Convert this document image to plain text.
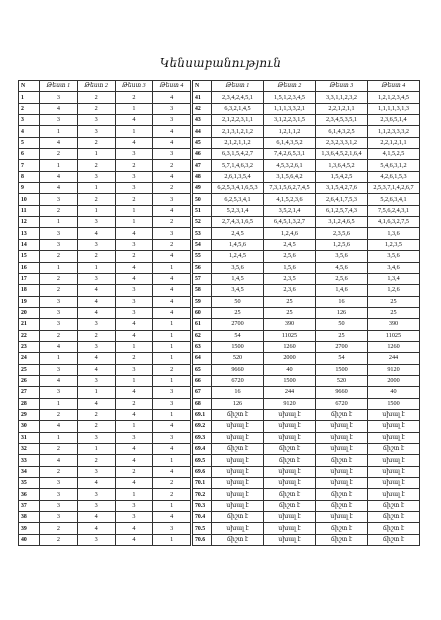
Կենսաբանություն
N	Թեստ 1	Թեստ 2	Թեստ 3	Թեստ 4
1	3	2	2	4
2	4	2	1	3
3	3	3	4	3
4	1	3	1	4
5	4	2	4	4
6	2	1	3	3
7	1	2	2	2
8	4	3	3	4
9	4	1	3	2
10	3	2	2	3
11	2	1	1	4
12	1	3	1	2
13	3	4	4	3
14	3	3	3	2
15	2	2	2	4
16	1	1	4	1
17	2	3	4	4
18	2	4	3	4
19	3	4	3	4
20	3	4	3	4
21	3	3	4	1
22	2	2	4	1
23	4	3	1	1
24	1	4	2	1
25	3	4	3	2
26	4	3	1	1
27	3	1	4	3
28	1	4	2	3
29	2	2	4	1
30	4	2	1	4
31	1	3	3	3
32	2	1	4	4
33	4	2	4	1
34	2	3	2	4
35	3	4	4	2
36	3	3	1	2
37	3	3	3	1
38	3	4	3	4
39	2	4	4	3
40	2	3	4	1
N	Թեստ 1	Թեստ 2	Թեստ 3	Թեստ 4
41	2,3,4,2,4,5,1	1,5,1,2,3,4,5	3,3,1,1,2,3,2	1,2,1,2,3,4,5
42	6,3,2,1,4,5	1,1,1,3,3,2,1	2,2,1,2,1,1	1,1,1,1,3,1,3
43	2,1,2,2,3,1,1	3,1,2,2,3,1,5	2,3,4,5,3,5,1	2,3,6,5,1,4
44	2,1,3,1,2,1,2	1,2,1,1,2	6,1,4,3,2,5	1,1,2,3,3,3,2
45	2,1,2,1,1,2	6,1,4,3,5,2	2,3,2,3,3,1,2	2,2,1,2,1,1
46	6,3,1,5,4,2,7	7,4,2,6,5,3,1	1,3,6,4,5,2,1,6,4	4,1,5,2,5
47	5,7,1,4,6,3,2	4,5,3,2,6,1	1,3,6,4,5,2	5,4,6,3,1,2
48	2,6,1,3,5,4	3,1,5,6,4,2	1,5,4,2,5	4,2,6,1,5,3
49	6,2,5,3,4,1,6,5,3	7,3,1,5,6,2,7,4,5	3,1,5,4,2,7,6	2,5,3,7,1,4,2,6,7
50	6,2,5,3,4,1	4,1,5,2,3,6	2,6,4,1,7,5,3	5,2,6,3,4,1
51	5,2,3,1,4	3,5,2,1,4	6,1,2,5,7,4,3	7,5,6,2,4,3,1
52	2,7,4,3,1,6,5	6,4,5,1,3,2,7	3,1,2,4,6,5	4,1,6,3,2,7,5
53	2,4,5	1,2,4,6	2,3,5,6	1,3,6
54	1,4,5,6	2,4,5	1,2,5,6	1,2,3,5
55	1,2,4,5	2,5,6	3,5,6	3,5,6
56	3,5,6	1,5,6	4,5,6	3,4,6
57	1,4,5	2,3,5	2,5,6	1,3,4
58	3,4,5	2,3,6	1,4,6	1,2,6
59	50	25	16	25
60	25	25	126	25
61	2700	390	50	390
62	54	11025	25	11025
63	1500	1260	2700	1260
64	520	2000	54	244
65	9660	40	1500	9120
66	6720	1500	520	2000
67	16	244	9660	40
68	126	9120	6720	1500
69.1	ճիշտ է	սխալ է	ճիշտ է	սխալ է
69.2	սխալ է	սխալ է	սխալ է	սխալ է
69.3	սխալ է	սխալ է	սխալ է	սխալ է
69.4	ճիշտ է	ճիշտ է	սխալ է	ճիշտ է
69.5	սխալ է	ճիշտ է	ճիշտ է	սխալ է
69.6	սխալ է	սխալ է	սխալ է	սխալ է
70.1	սխալ է	սխալ է	սխալ է	սխալ է
70.2	սխալ է	ճիշտ է	ճիշտ է	սխալ է
70.3	սխալ է	ճիշտ է	ճիշտ է	ճիշտ է
70.4	ճիշտ է	սխալ է	սխալ է	ճիշտ է
70.5	սխալ է	սխալ է	ճիշտ է	ճիշտ է
70.6	ճիշտ է	սխալ է	ճիշտ է	ճիշտ է
